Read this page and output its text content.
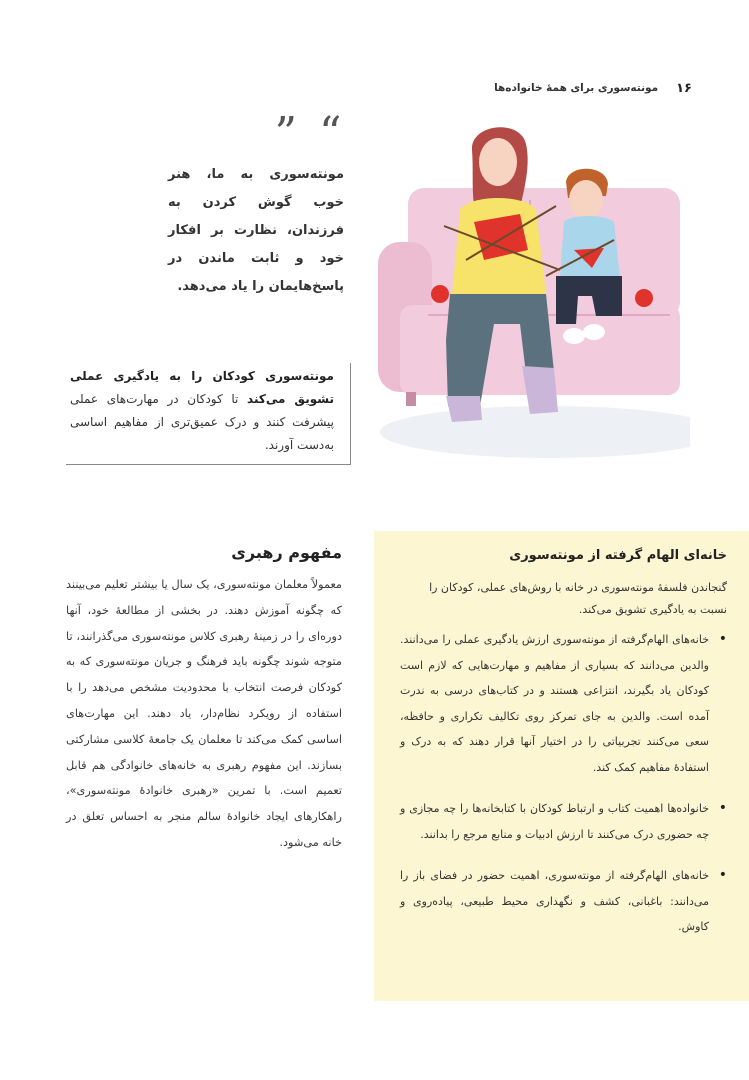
۱۶
مونته‌سوری برای همهٔ خانواده‌ها
“ ”

مونته‌سوری به ما، هنر خوب گوش کردن به فرزندان، نظارت بر افکار خود و ثابت ماندن در پاسخ‌هایمان را یاد می‌دهد.

مونته‌سوری کودکان را به یادگیری عملی تشویق می‌کند تا کودکان در مهارت‌های عملی پیشرفت کنند و درک عمیق‌تری از مفاهیم اساسی به‌دست آورند.
مفهوم رهبری

معمولاً معلمان مونته‌سوری، یک سال یا بیشتر تعلیم می‌بینند که چگونه آموزش دهند. در بخشی از مطالعهٔ خود، آنها دوره‌ای را در زمینهٔ رهبری کلاس مونته‌سوری می‌گذرانند، تا متوجه شوند چگونه باید فرهنگ و جریان مونته‌سوری که به کودکان فرصت انتخاب با محدودیت مشخص می‌دهد را با استفاده از رویکرد نظام‌دار، یاد دهند. این مهارت‌های اساسی کمک می‌کند تا معلمان یک جامعهٔ کلاسی مشارکتی بسازند. این مفهوم رهبری به خانه‌های خانوادگی هم قابل تعمیم است. با تمرین «رهبری خانوادهٔ مونته‌سوری»، راهکارهای ایجاد خانوادهٔ سالم منجر به احساس تعلق در خانه می‌شود.

خانه‌ای الهام گرفته از مونته‌سوری

گنجاندن فلسفهٔ مونته‌سوری در خانه با روش‌های عملی، کودکان را نسبت به یادگیری تشویق می‌کند.

•
خانه‌های الهام‌گرفته از مونته‌سوری ارزش یادگیری عملی را می‌دانند. والدین می‌دانند که بسیاری از مفاهیم و مهارت‌هایی که لازم است کودکان یاد بگیرند، انتزاعی هستند و در کتاب‌های درسی به ندرت آمده است. والدین به جای تمرکز روی تکالیف تکراری و حافظه، سعی می‌کنند تجربیاتی را در اختیار آنها قرار دهند که به درک و استفادهٔ مفاهیم کمک کند.
•
خانواده‌ها اهمیت کتاب و ارتباط کودکان با کتابخانه‌ها را چه مجازی و چه حضوری درک می‌کنند تا ارزش ادبیات و منابع مرجع را بدانند.
•
خانه‌های الهام‌گرفته از مونته‌سوری، اهمیت حضور در فضای باز را می‌دانند: باغبانی، کشف و نگهداری محیط طبیعی، پیاده‌روی و کاوش.
